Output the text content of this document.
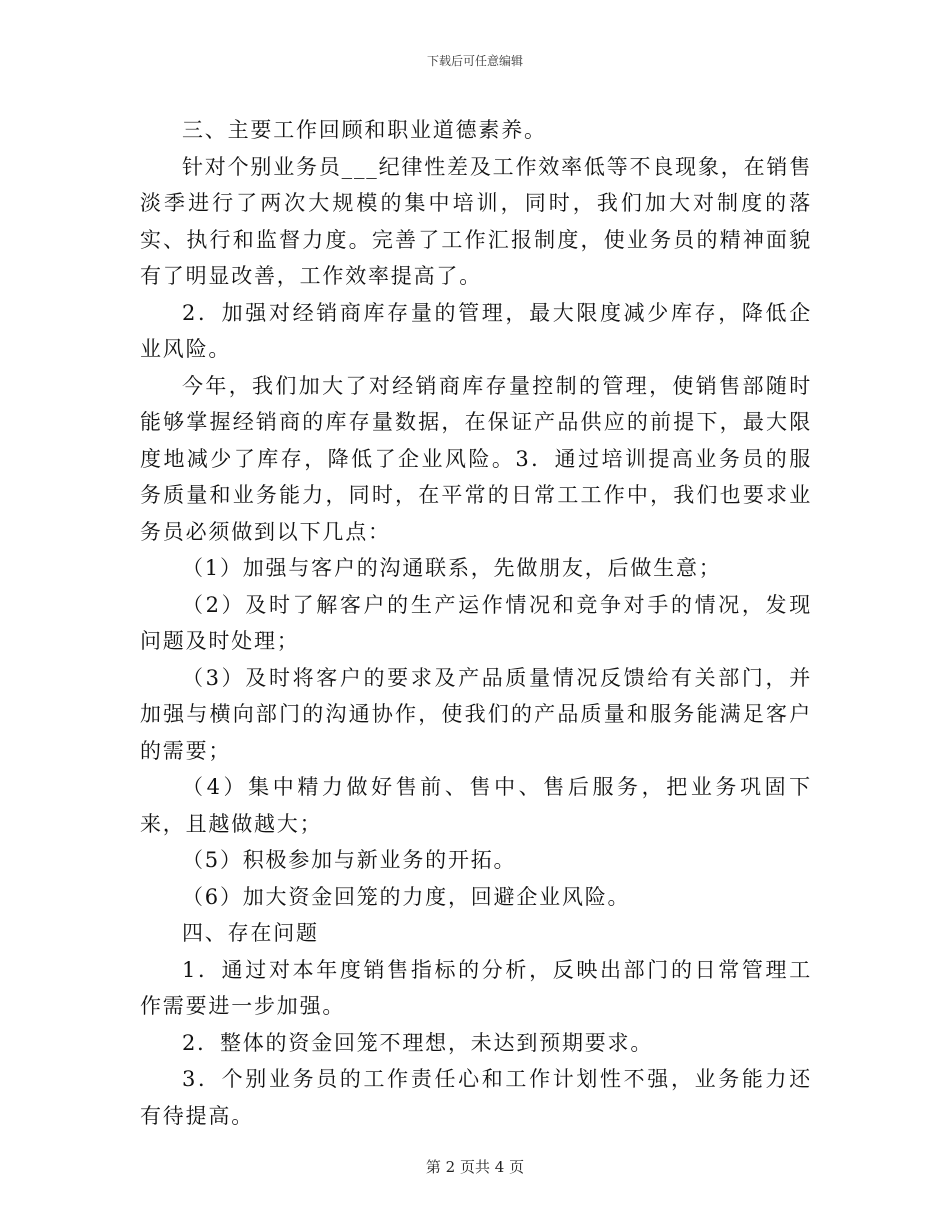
下载后可任意编辑

三、主要工作回顾和职业道德素养。

针对个别业务员___纪律性差及工作效率低等不良现象，在销售淡季进行了两次大规模的集中培训，同时，我们加大对制度的落实、执行和监督力度。完善了工作汇报制度，使业务员的精神面貌有了明显改善，工作效率提高了。

2．加强对经销商库存量的管理，最大限度减少库存，降低企业风险。

今年，我们加大了对经销商库存量控制的管理，使销售部随时能够掌握经销商的库存量数据，在保证产品供应的前提下，最大限度地减少了库存，降低了企业风险。3．通过培训提高业务员的服务质量和业务能力，同时，在平常的日常工工作中，我们也要求业务员必须做到以下几点：

（1）加强与客户的沟通联系，先做朋友，后做生意；

（2）及时了解客户的生产运作情况和竞争对手的情况，发现问题及时处理；

（3）及时将客户的要求及产品质量情况反馈给有关部门，并加强与横向部门的沟通协作，使我们的产品质量和服务能满足客户的需要；

（4）集中精力做好售前、售中、售后服务，把业务巩固下来，且越做越大；

（5）积极参加与新业务的开拓。

（6）加大资金回笼的力度，回避企业风险。

四、存在问题

1．通过对本年度销售指标的分析，反映出部门的日常管理工作需要进一步加强。

2．整体的资金回笼不理想，未达到预期要求。

3．个别业务员的工作责任心和工作计划性不强，业务能力还有待提高。

第 2 页共 4 页
